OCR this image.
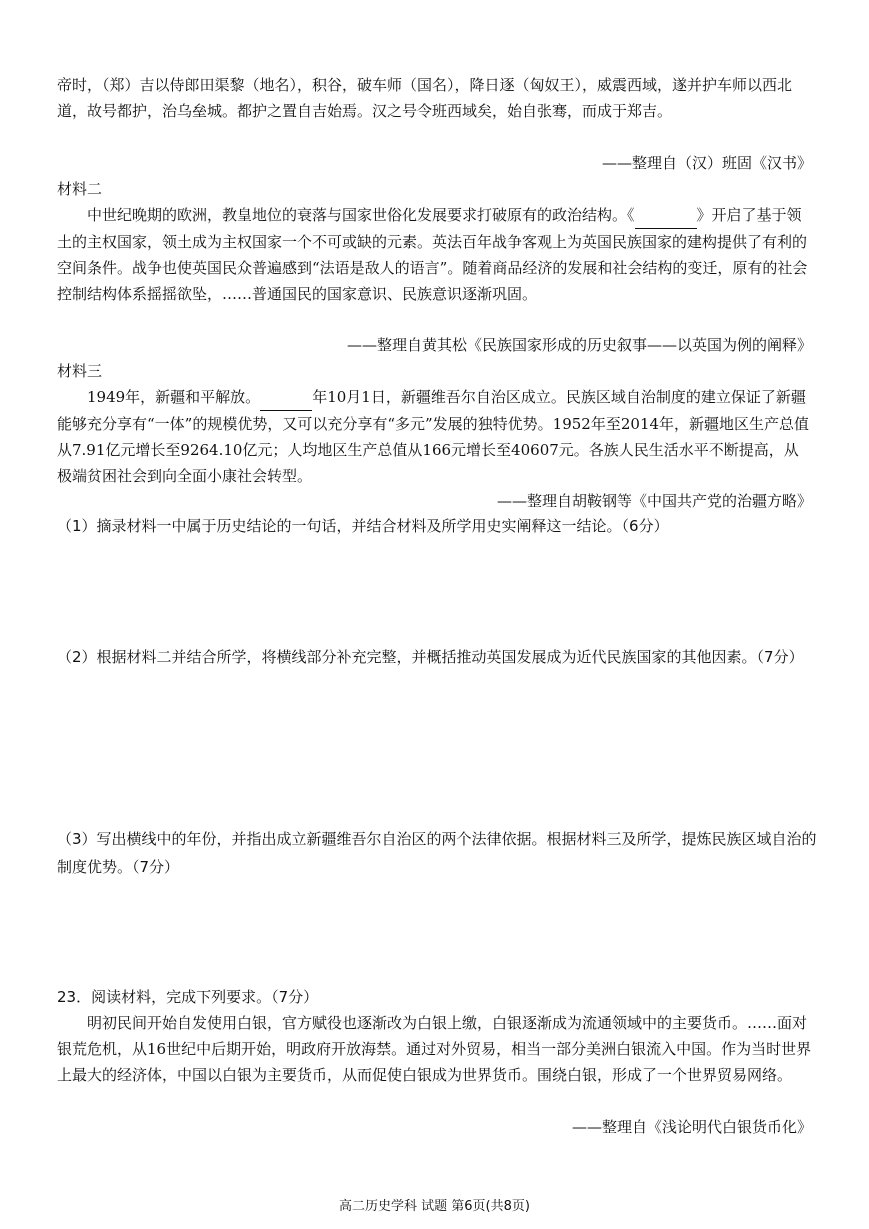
帝时，（郑）吉以侍郎田渠黎（地名），积谷，破车师（国名），降日逐（匈奴王），威震西域，遂并护车师以西北道，故号都护，治乌垒城。都护之置自吉始焉。汉之号令班西域矣，始自张骞，而成于郑吉。

——整理自（汉）班固《汉书》
材料二

中世纪晚期的欧洲，教皇地位的衰落与国家世俗化发展要求打破原有的政治结构。《	》开启了基于领土的主权国家，领土成为主权国家一个不可或缺的元素。英法百年战争客观上为英国民族国家的建构提供了有利的空间条件。战争也使英国民众普遍感到“法语是敌人的语言”。随着商品经济的发展和社会结构的变迁，原有的社会控制结构体系摇摇欲坠，……普通国民的国家意识、民族意识逐渐巩固。

——整理自黄其松《民族国家形成的历史叙事——以英国为例的阐释》
材料三

1949年，新疆和平解放。	年10月1日，新疆维吾尔自治区成立。民族区域自治制度的建立保证了新疆能够充分享有“一体”的规模优势，又可以充分享有“多元”发展的独特优势。1952年至2014年，新疆地区生产总值从7.91亿元增长至9264.10亿元；人均地区生产总值从166元增长至40607元。各族人民生活水平不断提高，从极端贫困社会到向全面小康社会转型。

——整理自胡鞍钢等《中国共产党的治疆方略》

（1）摘录材料一中属于历史结论的一句话，并结合材料及所学用史实阐释这一结论。（6分）

（2）根据材料二并结合所学，将横线部分补充完整，并概括推动英国发展成为近代民族国家的其他因素。（7分）

（3）写出横线中的年份，并指出成立新疆维吾尔自治区的两个法律依据。根据材料三及所学，提炼民族区域自治的制度优势。（7分）

23．阅读材料，完成下列要求。（7分）

明初民间开始自发使用白银，官方赋役也逐渐改为白银上缴，白银逐渐成为流通领域中的主要货币。……面对银荒危机，从16世纪中后期开始，明政府开放海禁。通过对外贸易，相当一部分美洲白银流入中国。作为当时世界上最大的经济体，中国以白银为主要货币，从而促使白银成为世界货币。围绕白银，形成了一个世界贸易网络。

——整理自《浅论明代白银货币化》
高二历史学科 试题 第6页(共8页)
